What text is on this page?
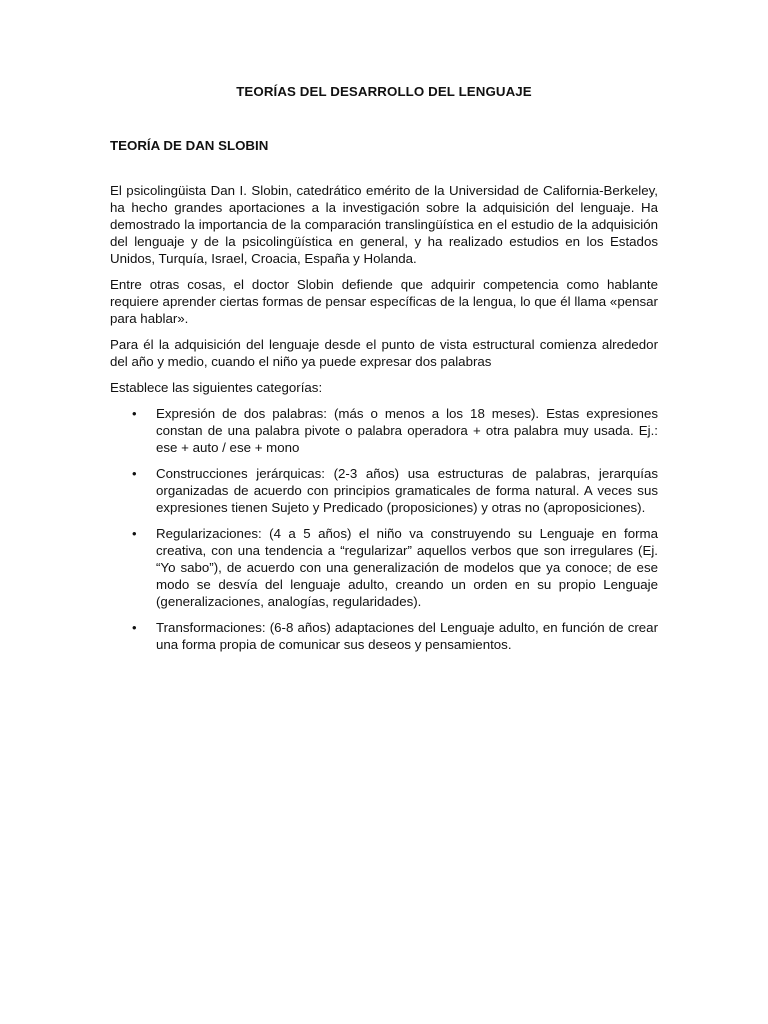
TEORÍAS DEL DESARROLLO DEL LENGUAJE
TEORÍA DE DAN SLOBIN

El psicolingüista Dan I. Slobin, catedrático emérito de la Universidad de California-Berkeley, ha hecho grandes aportaciones a la investigación sobre la adquisición del lenguaje. Ha demostrado la importancia de la comparación translingüística en el estudio de la adquisición del lenguaje y de la psicolingüística en general, y ha realizado estudios en los Estados Unidos, Turquía, Israel, Croacia, España y Holanda.

Entre otras cosas, el doctor Slobin defiende que adquirir competencia como hablante requiere aprender ciertas formas de pensar específicas de la lengua, lo que él llama «pensar para hablar».

Para él la adquisición del lenguaje desde el punto de vista estructural comienza alrededor del año y medio, cuando el niño ya puede expresar dos palabras

Establece las siguientes categorías:

• Expresión de dos palabras: (más o menos a los 18 meses). Estas expresiones constan de una palabra pivote o palabra operadora + otra palabra muy usada. Ej.: ese + auto / ese + mono
• Construcciones jerárquicas: (2-3 años) usa estructuras de palabras, jerarquías organizadas de acuerdo con principios gramaticales de forma natural. A veces sus expresiones tienen Sujeto y Predicado (proposiciones) y otras no (aproposiciones).
• Regularizaciones: (4 a 5 años) el niño va construyendo su Lenguaje en forma creativa, con una tendencia a “regularizar” aquellos verbos que son irregulares (Ej. “Yo sabo”), de acuerdo con una generalización de modelos que ya conoce; de ese modo se desvía del lenguaje adulto, creando un orden en su propio Lenguaje (generalizaciones, analogías, regularidades).
• Transformaciones: (6-8 años) adaptaciones del Lenguaje adulto, en función de crear una forma propia de comunicar sus deseos y pensamientos.
